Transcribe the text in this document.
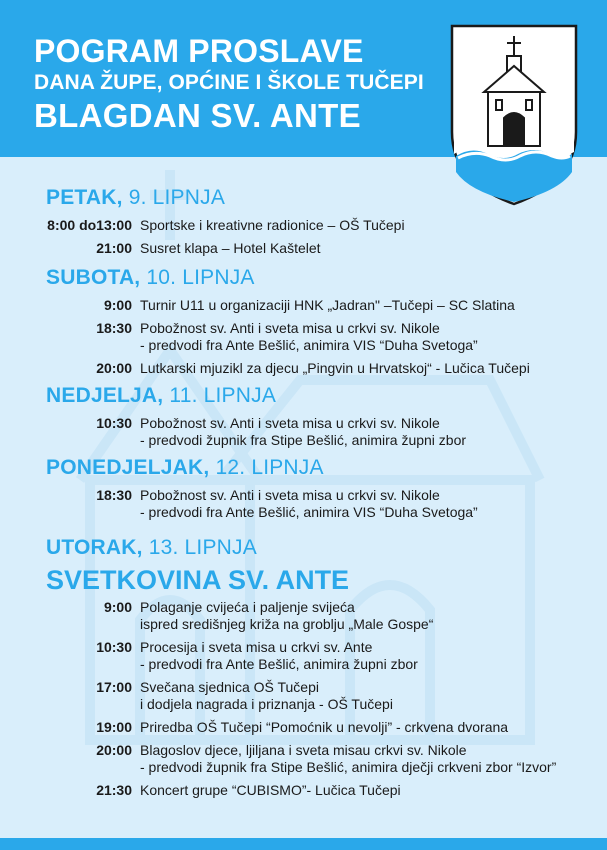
POGRAM PROSLAVE
DANA ŽUPE, OPĆINE I ŠKOLE TUČEPI
BLAGDAN SV. ANTE
PETAK, 9. LIPNJA
8:00 do13:00 Sportske i kreativne radionice – OŠ Tučepi
21:00 Susret klapa – Hotel Kaštelet
SUBOTA, 10. LIPNJA
9:00 Turnir U11 u organizaciji HNK „Jadran" –Tučepi – SC Slatina
18:30 Pobožnost sv. Anti i sveta misa u crkvi sv. Nikole
- predvodi fra Ante Bešlić, animira VIS “Duha Svetoga”
20:00 Lutkarski mjuzikl za djecu „Pingvin u Hrvatskoj“ - Lučica Tučepi
NEDJELJA, 11. LIPNJA
10:30 Pobožnost sv. Anti i sveta misa u crkvi sv. Nikole
- predvodi župnik fra Stipe Bešlić, animira župni zbor
PONEDJELJAK, 12. LIPNJA
18:30 Pobožnost sv. Anti i sveta misa u crkvi sv. Nikole
- predvodi fra Ante Bešlić, animira VIS “Duha Svetoga”
UTORAK, 13. LIPNJA
SVETKOVINA SV. ANTE
9:00 Polaganje cvijeća i paljenje svijeća
ispred središnjeg križa na groblju „Male Gospe“
10:30 Procesija i sveta misa u crkvi sv. Ante
- predvodi fra Ante Bešlić, animira župni zbor
17:00 Svečana sjednica OŠ Tučepi
i dodjela nagrada i priznanja - OŠ Tučepi
19:00 Priredba OŠ Tučepi “Pomoćnik u nevolji” - crkvena dvorana
20:00 Blagoslov djece, ljiljana i sveta misau crkvi sv. Nikole
- predvodi župnik fra Stipe Bešlić, animira dječji crkveni zbor “Izvor”
21:30 Koncert grupe “CUBISMO”- Lučica Tučepi
